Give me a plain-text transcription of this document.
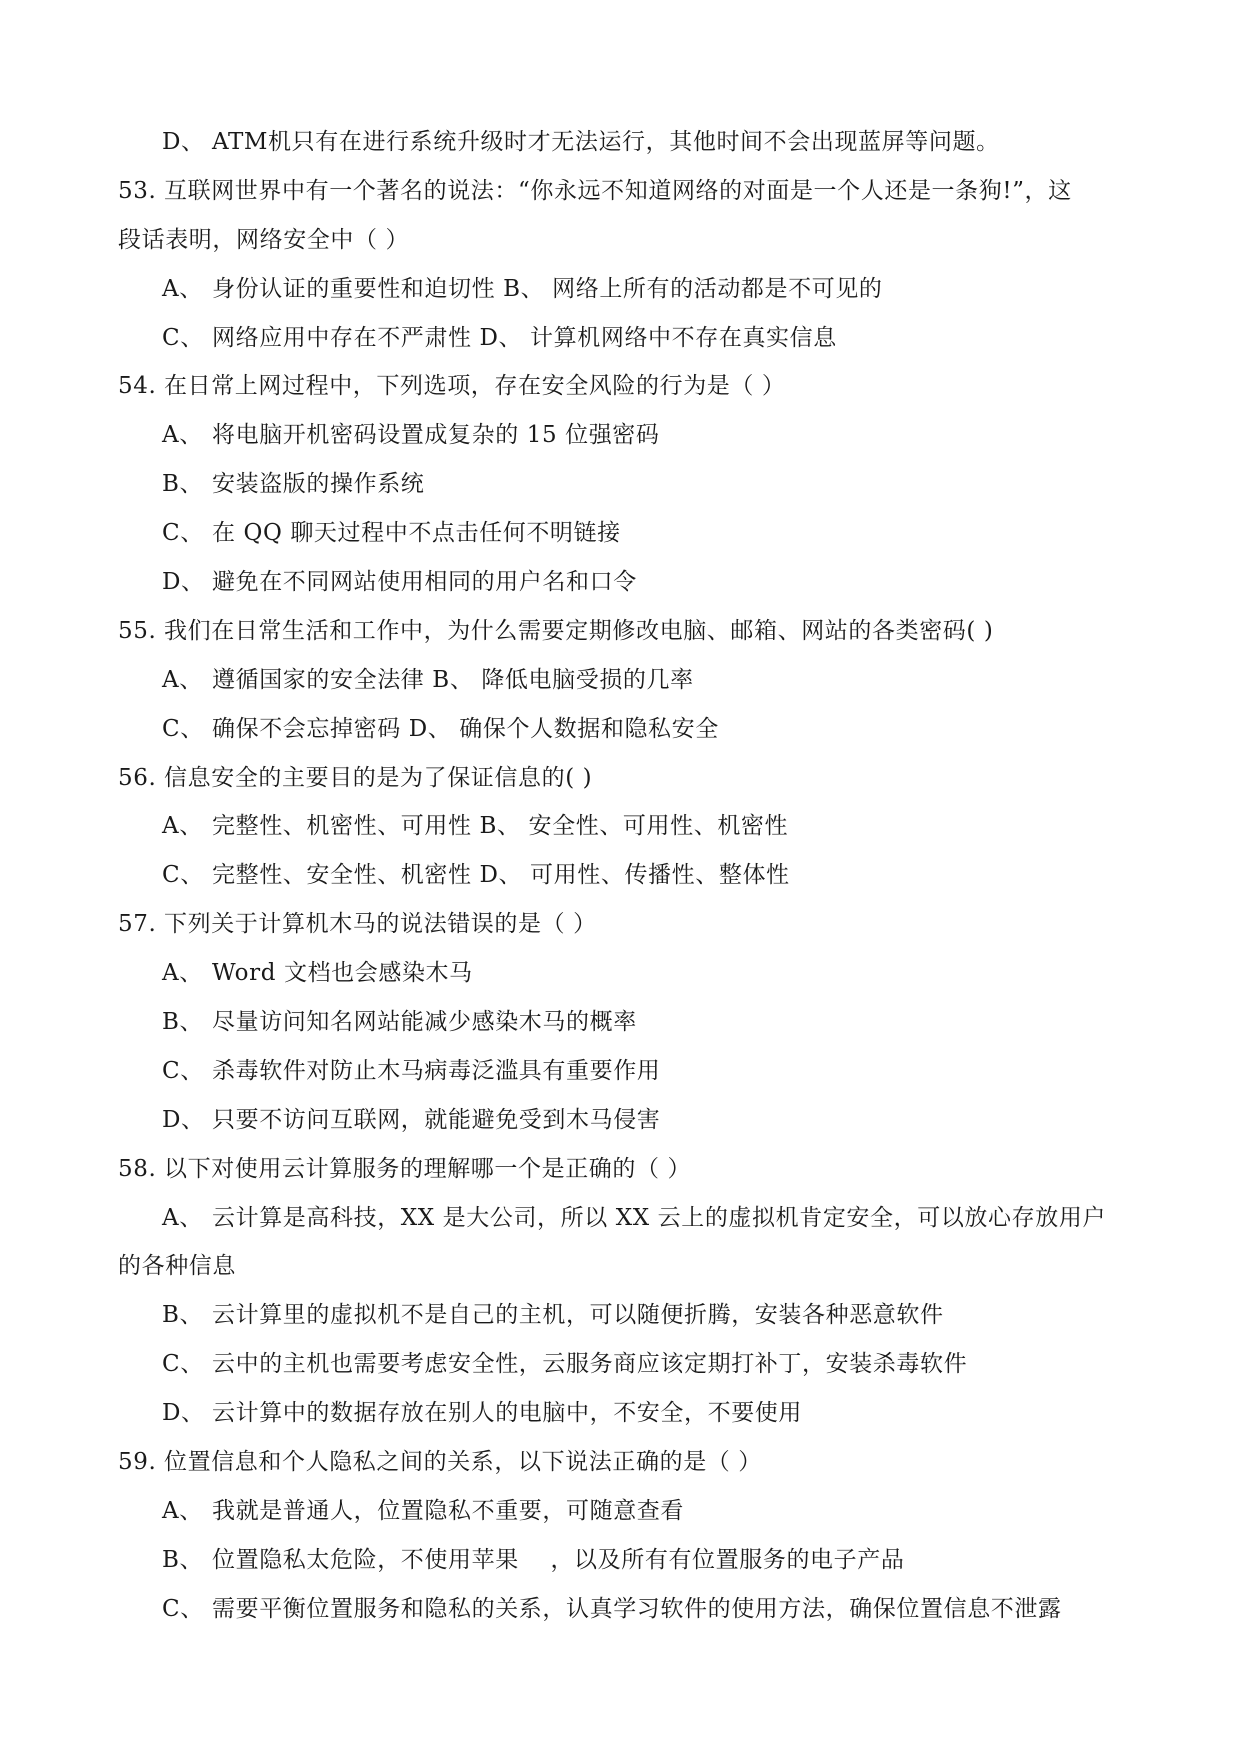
D、 ATM机只有在进行系统升级时才无法运行，其他时间不会出现蓝屏等问题。
53. 互联网世界中有一个著名的说法：“你永远不知道网络的对面是一个人还是一条狗!”，这
段话表明，网络安全中（ ）
A、 身份认证的重要性和迫切性 B、 网络上所有的活动都是不可见的
C、 网络应用中存在不严肃性 D、 计算机网络中不存在真实信息
54. 在日常上网过程中，下列选项，存在安全风险的行为是（ ）
A、 将电脑开机密码设置成复杂的 15 位强密码
B、 安装盗版的操作系统
C、 在 QQ 聊天过程中不点击任何不明链接
D、 避免在不同网站使用相同的用户名和口令
55. 我们在日常生活和工作中，为什么需要定期修改电脑、邮箱、网站的各类密码( )
A、 遵循国家的安全法律 B、 降低电脑受损的几率
C、 确保不会忘掉密码 D、 确保个人数据和隐私安全
56. 信息安全的主要目的是为了保证信息的( )
A、 完整性、机密性、可用性 B、 安全性、可用性、机密性
C、 完整性、安全性、机密性 D、 可用性、传播性、整体性
57. 下列关于计算机木马的说法错误的是（ ）
A、 Word 文档也会感染木马
B、 尽量访问知名网站能减少感染木马的概率
C、 杀毒软件对防止木马病毒泛滥具有重要作用
D、 只要不访问互联网，就能避免受到木马侵害
58. 以下对使用云计算服务的理解哪一个是正确的（ ）
A、 云计算是高科技，XX 是大公司，所以 XX 云上的虚拟机肯定安全，可以放心存放用户
的各种信息
B、 云计算里的虚拟机不是自己的主机，可以随便折腾，安装各种恶意软件
C、 云中的主机也需要考虑安全性，云服务商应该定期打补丁，安装杀毒软件
D、 云计算中的数据存放在别人的电脑中，不安全，不要使用
59. 位置信息和个人隐私之间的关系，以下说法正确的是（ ）
A、 我就是普通人，位置隐私不重要，可随意查看
B、 位置隐私太危险，不使用苹果    ，以及所有有位置服务的电子产品
C、 需要平衡位置服务和隐私的关系，认真学习软件的使用方法，确保位置信息不泄露
